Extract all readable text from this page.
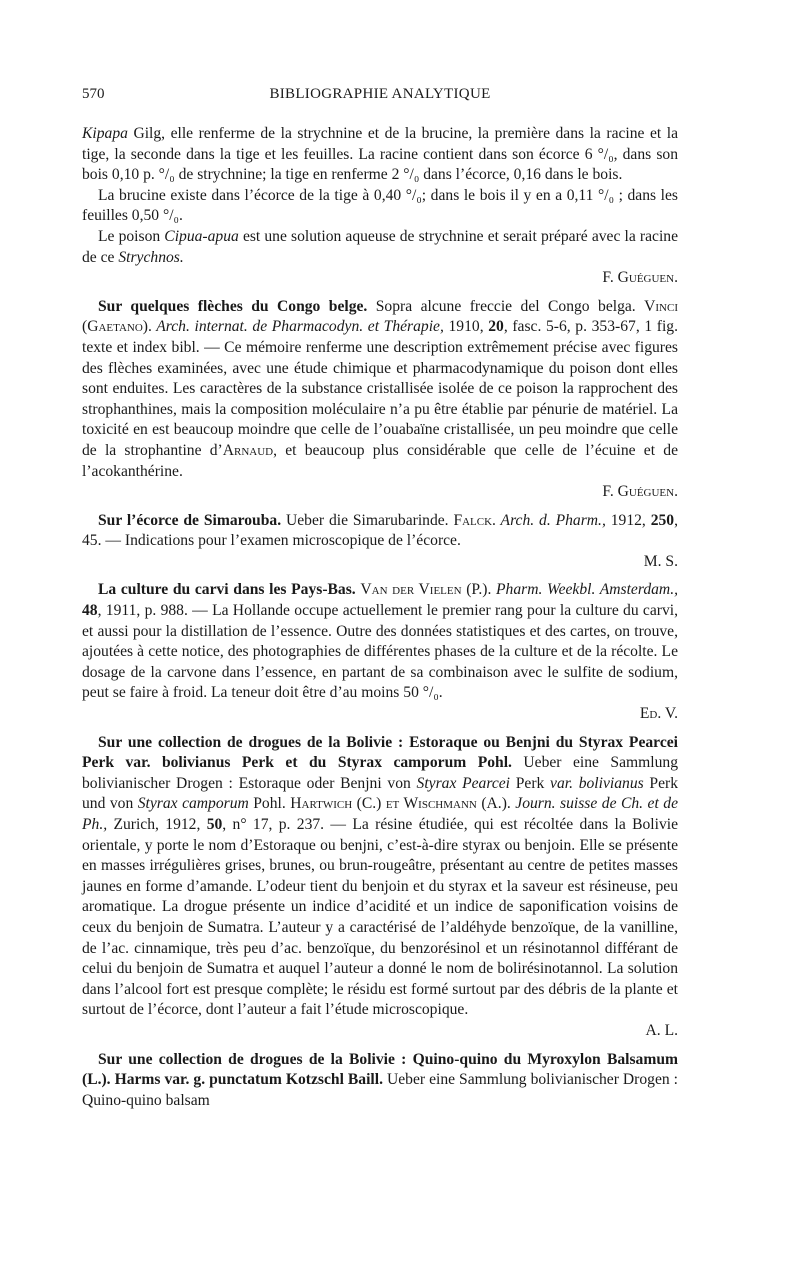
BIBLIOGRAPHIE ANALYTIQUE
570

Kipapa Gilg, elle renferme de la strychnine et de la brucine, la première dans la racine et la tige, la seconde dans la tige et les feuilles. La racine contient dans son écorce 6 °/₀, dans son bois 0,10 p. °/₀ de strychnine; la tige en renferme 2 °/₀ dans l’écorce, 0,16 dans le bois.

La brucine existe dans l’écorce de la tige à 0,40 °/₀; dans le bois il y en a 0,11 °/₀ ; dans les feuilles 0,50 °/₀.

Le poison Cipua-apua est une solution aqueuse de strychnine et serait préparé avec la racine de ce Strychnos.
F. Guéguen.

Sur quelques flèches du Congo belge. Sopra alcune freccie del Congo belga. Vinci (Gaetano). Arch. internat. de Pharmacodyn. et Thérapie, 1910, 20, fasc. 5-6, p. 353-67, 1 fig. texte et index bibl. — Ce mémoire renferme une description extrêmement précise avec figures des flèches examinées, avec une étude chimique et pharmacodynamique du poison dont elles sont enduites. Les caractères de la substance cristallisée isolée de ce poison la rapprochent des strophanthines, mais la composition moléculaire n’a pu être établie par pénurie de matériel. La toxicité en est beaucoup moindre que celle de l’ouabaïne cristallisée, un peu moindre que celle de la strophantine d’Arnaud, et beaucoup plus considérable que celle de l’écuine et de l’acokanthérine.
F. Guéguen.

Sur l’écorce de Simarouba. Ueber die Simarubarinde. Falck. Arch. d. Pharm., 1912, 250, 45. — Indications pour l’examen microscopique de l’écorce.
M. S.

La culture du carvi dans les Pays-Bas. Van der Vielen (P.). Pharm. Weekbl. Amsterdam., 48, 1911, p. 988. — La Hollande occupe actuellement le premier rang pour la culture du carvi, et aussi pour la distillation de l’essence. Outre des données statistiques et des cartes, on trouve, ajoutées à cette notice, des photographies de différentes phases de la culture et de la récolte. Le dosage de la carvone dans l’essence, en partant de sa combinaison avec le sulfite de sodium, peut se faire à froid. La teneur doit être d’au moins 50 °/₀.
Ed. V.

Sur une collection de drogues de la Bolivie : Estoraque ou Benjni du Styrax Pearcei Perk var. bolivianus Perk et du Styrax camporum Pohl. Ueber eine Sammlung bolivianischer Drogen : Estoraque oder Benjni von Styrax Pearcei Perk var. bolivianus Perk und von Styrax camporum Pohl. Hartwich (C.) et Wischmann (A.). Journ. suisse de Ch. et de Ph., Zurich, 1912, 50, n° 17, p. 237. — La résine étudiée, qui est récoltée dans la Bolivie orientale, y porte le nom d’Estoraque ou benjni, c’est-à-dire styrax ou benjoin. Elle se présente en masses irrégulières grises, brunes, ou brun-rougeâtre, présentant au centre de petites masses jaunes en forme d’amande. L’odeur tient du benjoin et du styrax et la saveur est résineuse, peu aromatique. La drogue présente un indice d’acidité et un indice de saponification voisins de ceux du benjoin de Sumatra. L’auteur y a caractérisé de l’aldéhyde benzoïque, de la vanilline, de l’ac. cinnamique, très peu d’ac. benzoïque, du benzorésinol et un résinotannol différant de celui du benjoin de Sumatra et auquel l’auteur a donné le nom de bolirésinotannol. La solution dans l’alcool fort est presque complète; le résidu est formé surtout par des débris de la plante et surtout de l’écorce, dont l’auteur a fait l’étude microscopique.
A. L.

Sur une collection de drogues de la Bolivie : Quino-quino du Myroxylon Balsamum (L.). Harms var. g. punctatum Kotzschl Baill. Ueber eine Sammlung bolivianischer Drogen : Quino-quino balsam
